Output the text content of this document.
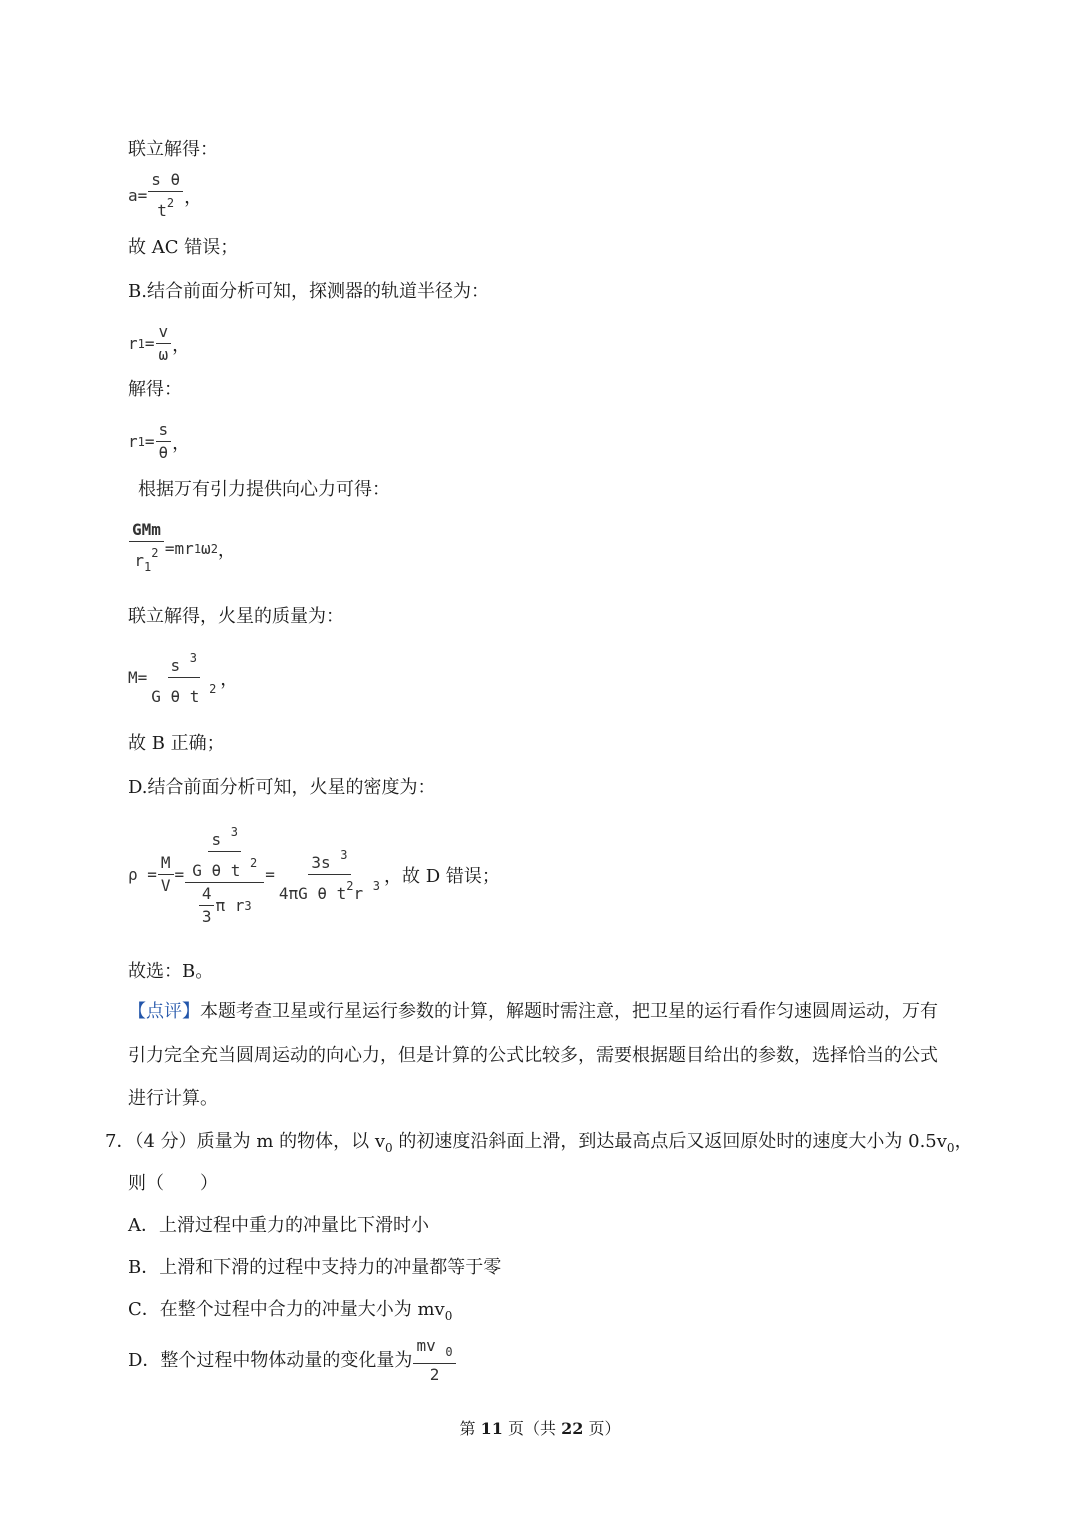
联立解得：
$a= \frac{\text{s θ}}{t^2}$ ，
故 AC 错误；
B.结合前面分析可知，探测器的轨道半径为：
r $1 = \frac{v}{\omega}$ ，
解得：
r $1 = \frac{s}{\theta}$ ，
根据万有引力提供向心力可得：
$\frac{\text{GMm}}{r_1^2} =mr$ 1 ω 2 ，
联立解得，火星的质量为：
$M= \frac{s ^3}{G \theta t ^2}$ ，
故 B 正确；
D.结合前面分析可知，火星的密度为：
$\rho = \frac{M}{V} = \frac{\frac{s ^3}{G \theta t ^2}}{\frac{4}{3} \pi r 3} = \frac{3s ^3}{4\pi G \theta t^2r ^3}$ ，故 D 错误；
故选：B。
【点评】本题考查卫星或行星运行参数的计算，解题时需注意，把卫星的运行看作匀速圆周运动，万有
引力完全充当圆周运动的向心力，但是计算的公式比较多，需要根据题目给出的参数，选择恰当的公式
进行计算。
7．（4 分）质量为 m 的物体，以 $v_0$ 的初速度沿斜面上滑，到达最高点后又返回原处时的速度大小为 $0.5v_0$，
则（　　）
A．上滑过程中重力的冲量比下滑时小
B．上滑和下滑的过程中支持力的冲量都等于零
C．在整个过程中合力的冲量大小为 $mv_0$
D．整个过程中物体动量的变化量为 $\frac{mv _0}{2}$
第 11 页（共 22 页）
